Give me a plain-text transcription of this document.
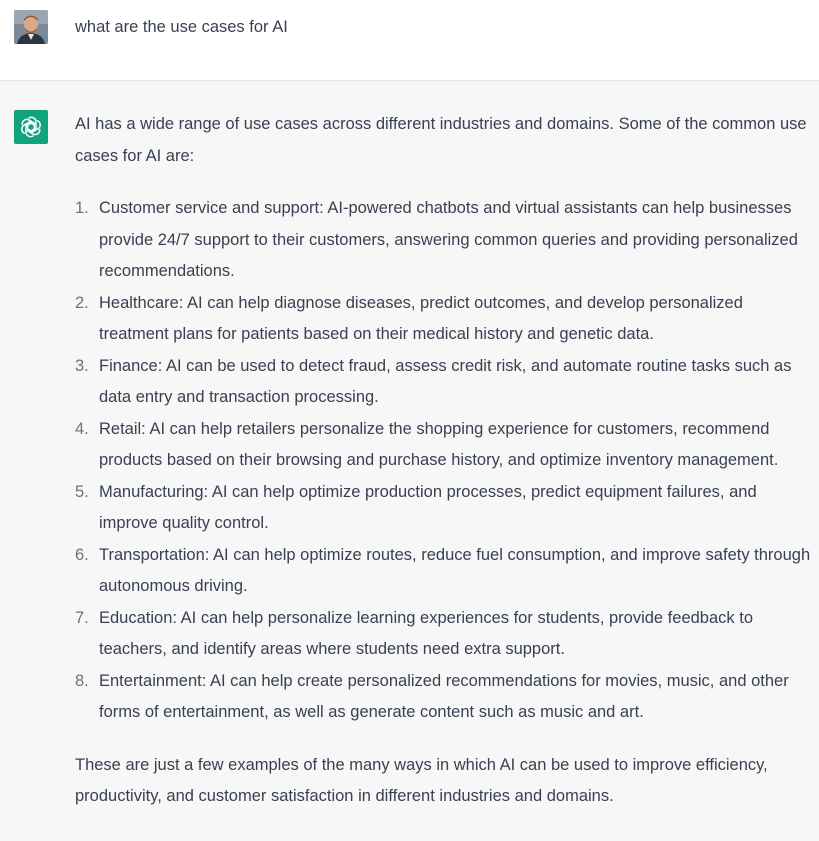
what are the use cases for AI

AI has a wide range of use cases across different industries and domains. Some of the common use cases for AI are:

1. Customer service and support: AI-powered chatbots and virtual assistants can help businesses provide 24/7 support to their customers, answering common queries and providing personalized recommendations.
2. Healthcare: AI can help diagnose diseases, predict outcomes, and develop personalized treatment plans for patients based on their medical history and genetic data.
3. Finance: AI can be used to detect fraud, assess credit risk, and automate routine tasks such as data entry and transaction processing.
4. Retail: AI can help retailers personalize the shopping experience for customers, recommend products based on their browsing and purchase history, and optimize inventory management.
5. Manufacturing: AI can help optimize production processes, predict equipment failures, and improve quality control.
6. Transportation: AI can help optimize routes, reduce fuel consumption, and improve safety through autonomous driving.
7. Education: AI can help personalize learning experiences for students, provide feedback to teachers, and identify areas where students need extra support.
8. Entertainment: AI can help create personalized recommendations for movies, music, and other forms of entertainment, as well as generate content such as music and art.

These are just a few examples of the many ways in which AI can be used to improve efficiency, productivity, and customer satisfaction in different industries and domains.
